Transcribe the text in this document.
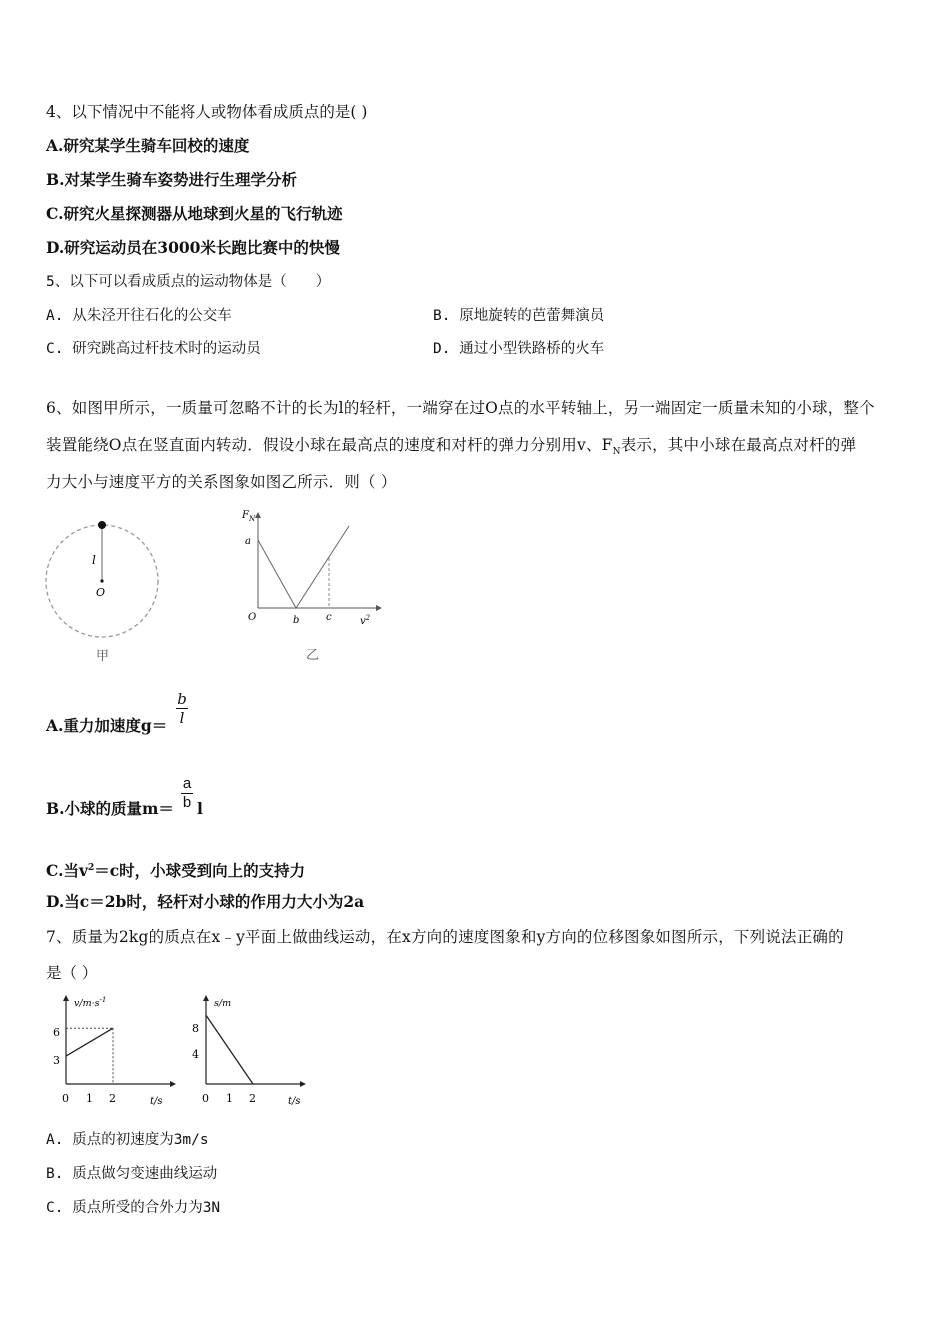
4、以下情况中不能将人或物体看成质点的是( )
A.研究某学生骑车回校的速度
B.对某学生骑车姿势进行生理学分析
C.研究火星探测器从地球到火星的飞行轨迹
D.研究运动员在3000米长跑比赛中的快慢
5、以下可以看成质点的运动物体是（　　）
A. 从朱泾开往石化的公交车	B. 原地旋转的芭蕾舞演员
C. 研究跳高过杆技术时的运动员	D. 通过小型铁路桥的火车
6、如图甲所示，一质量可忽略不计的长为l的轻杆，一端穿在过O点的水平转轴上，另一端固定一质量未知的小球，整个
装置能绕O点在竖直面内转动．假设小球在最高点的速度和对杆的弹力分别用v、$F_N$表示，其中小球在最高点对杆的弹
力大小与速度平方的关系图象如图乙所示．则（ ）
l
O
甲
$F_N$
a
O	b	c	$v^2$
乙
A.重力加速度$g= \frac{b}{l}$
B.小球的质量$m= \frac{a}{b}$ l
C.当$v^2=c$时，小球受到向上的支持力
D.当c＝2b时，轻杆对小球的作用力大小为2a
7、质量为2kg的质点在x﹣y平面上做曲线运动，在x方向的速度图象和y方向的位移图象如图所示，下列说法正确的
是（ ）
$v/m\cdot s^{-1}$
6
3
0 1 2	t/s
s/m
8
4
0 1 2	t/s
A. 质点的初速度为3m/s
B. 质点做匀变速曲线运动
C. 质点所受的合外力为3N
